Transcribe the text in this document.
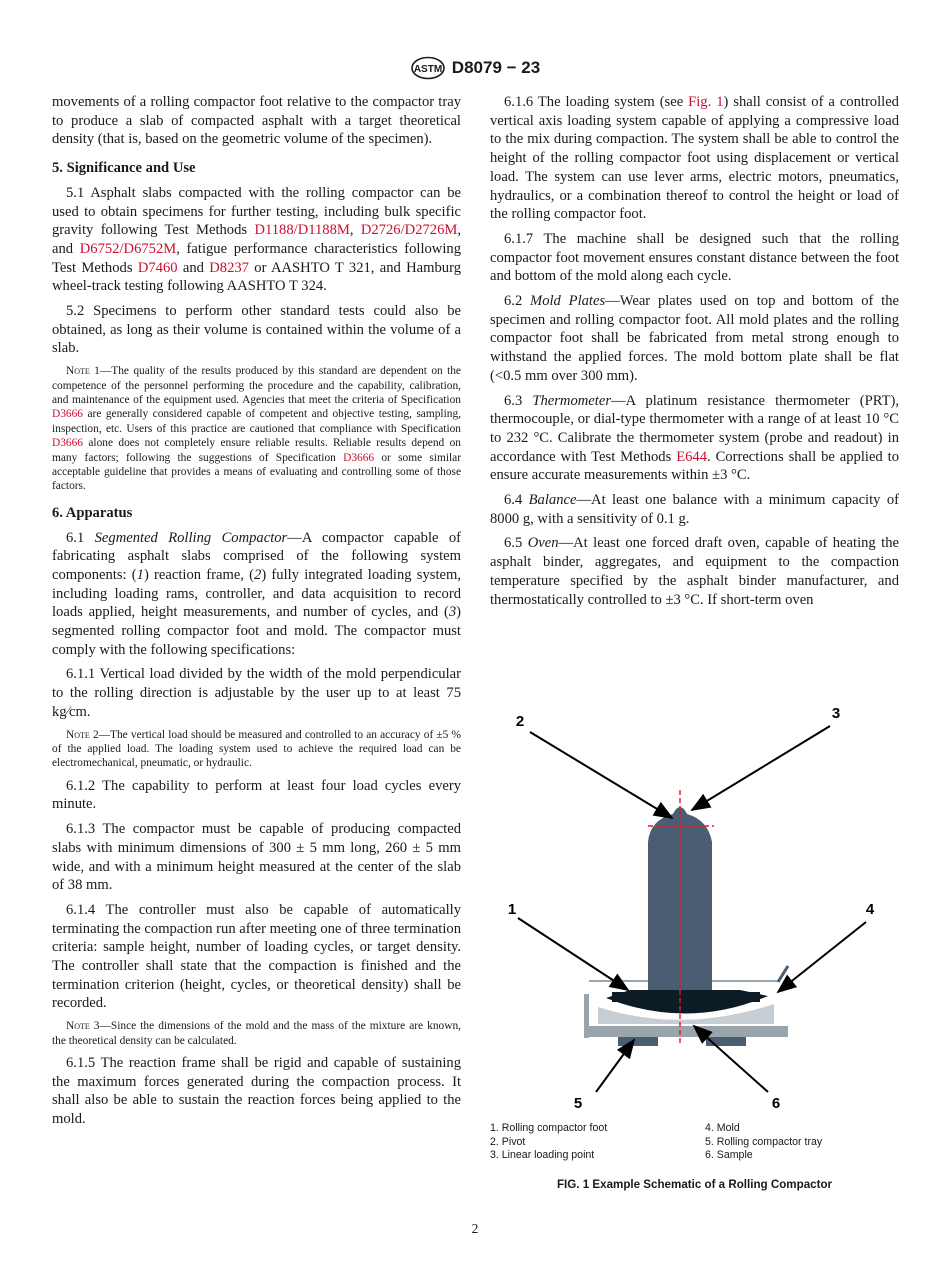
ASTM D8079 − 23

movements of a rolling compactor foot relative to the compactor tray to produce a slab of compacted asphalt with a target theoretical density (that is, based on the geometric volume of the specimen).

5. Significance and Use

5.1 Asphalt slabs compacted with the rolling compactor can be used to obtain specimens for further testing, including bulk specific gravity following Test Methods D1188/D1188M, D2726/D2726M, and D6752/D6752M, fatigue performance characteristics following Test Methods D7460 and D8237 or AASHTO T 321, and Hamburg wheel-track testing following AASHTO T 324.

5.2 Specimens to perform other standard tests could also be obtained, as long as their volume is contained within the volume of a slab.

Note 1—The quality of the results produced by this standard are dependent on the competence of the personnel performing the procedure and the capability, calibration, and maintenance of the equipment used. Agencies that meet the criteria of Specification D3666 are generally considered capable of competent and objective testing, sampling, inspection, etc. Users of this practice are cautioned that compliance with Specification D3666 alone does not completely ensure reliable results. Reliable results depend on many factors; following the suggestions of Specification D3666 or some similar acceptable guideline that provides a means of evaluating and controlling some of those factors.

6. Apparatus

6.1 Segmented Rolling Compactor—A compactor capable of fabricating asphalt slabs comprised of the following system components: (1) reaction frame, (2) fully integrated loading system, including loading rams, controller, and data acquisition to record loads applied, height measurements, and number of cycles, and (3) segmented rolling compactor foot and mold. The compactor must comply with the following specifications:

6.1.1 Vertical load divided by the width of the mold perpendicular to the rolling direction is adjustable by the user up to at least 75 kg⁄cm.

Note 2—The vertical load should be measured and controlled to an accuracy of ±5 % of the applied load. The loading system used to achieve the required load can be electromechanical, pneumatic, or hydraulic.

6.1.2 The capability to perform at least four load cycles every minute.

6.1.3 The compactor must be capable of producing compacted slabs with minimum dimensions of 300 ± 5 mm long, 260 ± 5 mm wide, and with a minimum height measured at the center of the slab of 38 mm.

6.1.4 The controller must also be capable of automatically terminating the compaction run after meeting one of three termination criteria: sample height, number of loading cycles, or target density. The controller shall state that the compaction is finished and the termination criterion (height, cycles, or theoretical density) shall be recorded.

Note 3—Since the dimensions of the mold and the mass of the mixture are known, the theoretical density can be calculated.

6.1.5 The reaction frame shall be rigid and capable of sustaining the maximum forces generated during the compaction process. It shall also be able to sustain the reaction forces being applied to the mold.

6.1.6 The loading system (see Fig. 1) shall consist of a controlled vertical axis loading system capable of applying a compressive load to the mix during compaction. The system shall be able to control the height of the rolling compactor foot using displacement or vertical load. The system can use lever arms, electric motors, pneumatics, hydraulics, or a combination thereof to control the height or load of the rolling compactor foot.

6.1.7 The machine shall be designed such that the rolling compactor foot movement ensures constant distance between the foot and bottom of the mold along each cycle.

6.2 Mold Plates—Wear plates used on top and bottom of the specimen and rolling compactor foot. All mold plates and the rolling compactor foot shall be fabricated from metal strong enough to withstand the applied forces. The mold bottom plate shall be flat (<0.5 mm over 300 mm).

6.3 Thermometer—A platinum resistance thermometer (PRT), thermocouple, or dial-type thermometer with a range of at least 10 °C to 232 °C. Calibrate the thermometer system (probe and readout) in accordance with Test Methods E644. Corrections shall be applied to ensure accurate measurements within ±3 °C.

6.4 Balance—At least one balance with a minimum capacity of 8000 g, with a sensitivity of 0.1 g.

6.5 Oven—At least one forced draft oven, capable of heating the asphalt binder, aggregates, and equipment to the compaction temperature specified by the asphalt binder manufacturer, and thermostatically controlled to ±3 °C. If short-term oven

1
2	3
4
5	6
1. Rolling compactor foot
2. Pivot
3. Linear loading point
4. Mold
5. Rolling compactor tray
6. Sample
FIG. 1 Example Schematic of a Rolling Compactor
2
